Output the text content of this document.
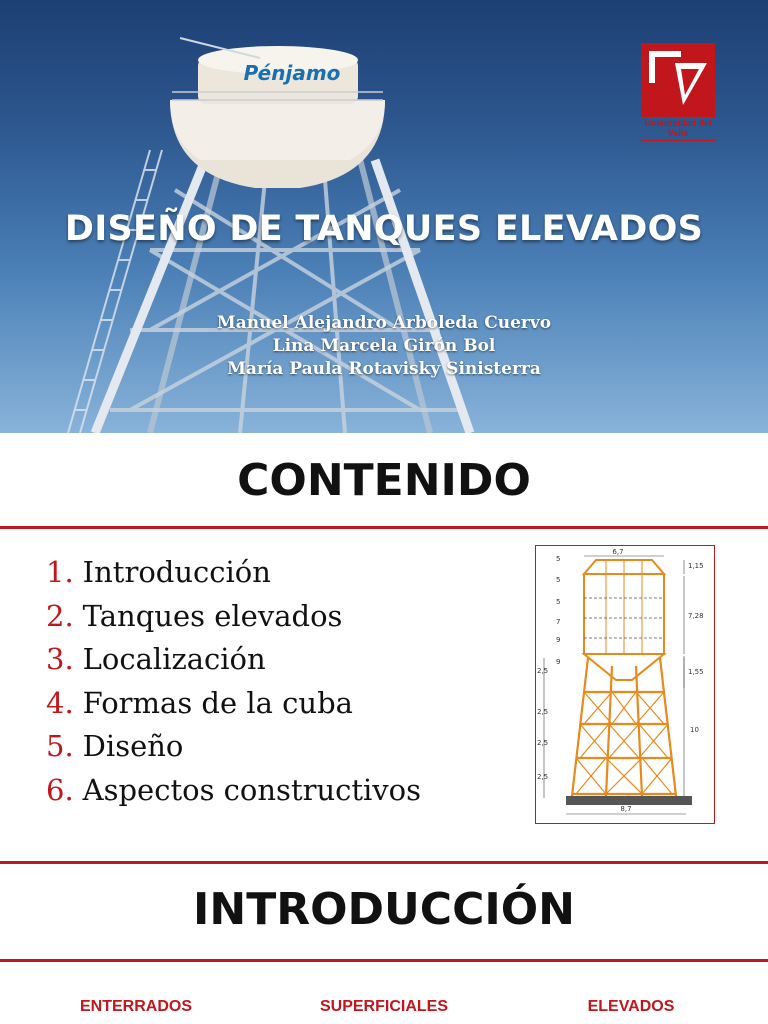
Pénjamo
DISEÑO DE TANQUES ELEVADOS
Manuel Alejandro Arboleda Cuervo
Lina Marcela Girón Bol
María Paula Rotavisky Sinisterra
Universidad del Valle
CONTENIDO
1. Introducción
2. Tanques elevados
3. Localización
4. Formas de la cuba
5. Diseño
6. Aspectos constructivos
6,7
1,15
7,28
1,55
10
8,7
2,5
2,5
2,5
2,5
5
5
5
7
9
9
INTRODUCCIÓN
ENTERRADOS	SUPERFICIALES	ELEVADOS
